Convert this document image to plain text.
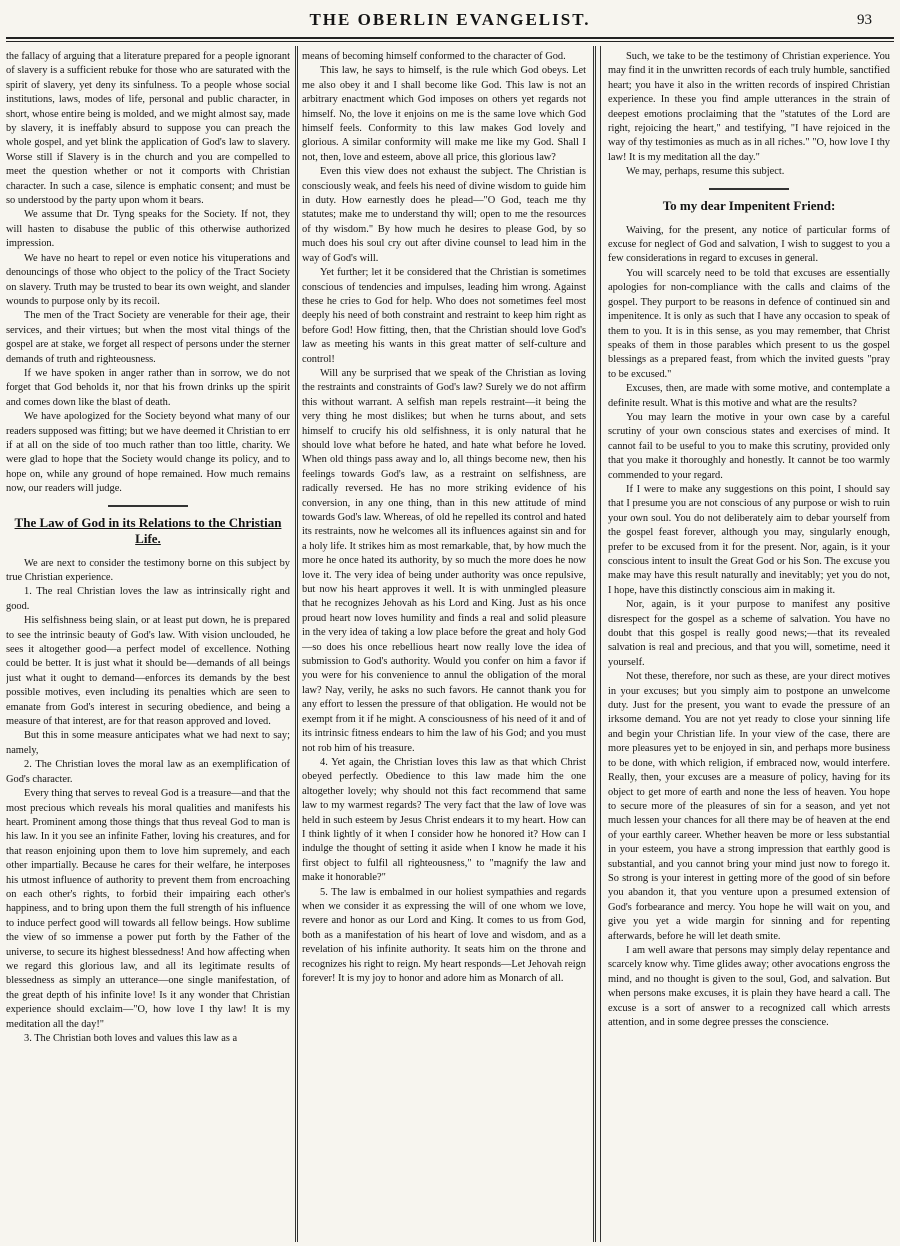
THE OBERLIN EVANGELIST.	93

the fallacy of arguing that a literature prepared for a people ignorant of slavery is a sufficient rebuke for those who are saturated with the spirit of slavery, yet deny its sinfulness. To a people whose social institutions, laws, modes of life, personal and public character, in short, whose entire being is molded, and we might almost say, made by slavery, it is ineffably absurd to suppose you can preach the whole gospel, and yet blink the application of God's law to slavery. Worse still if Slavery is in the church and you are compelled to meet the question whether or not it comports with Christian character. In such a case, silence is emphatic consent; and must be so understood by the party upon whom it bears.

We assume that Dr. Tyng speaks for the Society. If not, they will hasten to disabuse the public of this otherwise authorized impression.

We have no heart to repel or even notice his vituperations and denouncings of those who object to the policy of the Tract Society on slavery. Truth may be trusted to bear its own weight, and slander wounds to purpose only by its recoil.

The men of the Tract Society are venerable for their age, their services, and their virtues; but when the most vital things of the gospel are at stake, we forget all respect of persons under the sterner demands of truth and righteousness.

If we have spoken in anger rather than in sorrow, we do not forget that God beholds it, nor that his frown drinks up the spirit and comes down like the blast of death.

We have apologized for the Society beyond what many of our readers supposed was fitting; but we have deemed it Christian to err if at all on the side of too much rather than too little, charity. We were glad to hope that the Society would change its policy, and to hope on, while any ground of hope remained. How much remains now, our readers will judge.

The Law of God in its Relations to the Christian Life.

We are next to consider the testimony borne on this subject by true Christian experience.

1. The real Christian loves the law as intrinsically right and good.

His selfishness being slain, or at least put down, he is prepared to see the intrinsic beauty of God's law. With vision unclouded, he sees it altogether good—a perfect model of excellence. Nothing could be better. It is just what it should be—demands of all beings just what it ought to demand—enforces its demands by the best possible motives, even including its penalties which are seen to emanate from God's interest in securing obedience, and being a measure of that interest, are for that reason approved and loved.

But this in some measure anticipates what we had next to say; namely,

2. The Christian loves the moral law as an exemplification of God's character.

Every thing that serves to reveal God is a treasure—and that the most precious which reveals his moral qualities and manifests his heart. Prominent among those things that thus reveal God to man is his law. In it you see an infinite Father, loving his creatures, and for that reason enjoining upon them to love him supremely, and each other impartially. Because he cares for their welfare, he interposes his utmost influence of authority to prevent them from encroaching on each other's rights, to forbid their impairing each other's happiness, and to bring upon them the full strength of his influence to induce perfect good will towards all fellow beings. How sublime the view of so immense a power put forth by the Father of the universe, to secure its highest blessedness! And how affecting when we regard this glorious law, and all its legitimate results of blessedness as simply an utterance—one single manifestation, of the great depth of his infinite love! Is it any wonder that Christian experience should exclaim—"O, how love I thy law! It is my meditation all the day!"

3. The Christian both loves and values this law as a

means of becoming himself conformed to the character of God.

This law, he says to himself, is the rule which God obeys. Let me also obey it and I shall become like God. This law is not an arbitrary enactment which God imposes on others yet regards not himself. No, the love it enjoins on me is the same love which God himself feels. Conformity to this law makes God lovely and glorious. A similar conformity will make me like my God. Shall I not, then, love and esteem, above all price, this glorious law?

Even this view does not exhaust the subject. The Christian is consciously weak, and feels his need of divine wisdom to guide him in duty. How earnestly does he plead—"O God, teach me thy statutes; make me to understand thy will; open to me the resources of thy wisdom." By how much he desires to please God, by so much does his soul cry out after divine counsel to lead him in the way of God's will.

Yet further; let it be considered that the Christian is sometimes conscious of tendencies and impulses, leading him wrong. Against these he cries to God for help. Who does not sometimes feel most deeply his need of both constraint and restraint to keep him right as before God! How fitting, then, that the Christian should love God's law as meeting his wants in this great matter of self-culture and control!

Will any be surprised that we speak of the Christian as loving the restraints and constraints of God's law? Surely we do not affirm this without warrant. A selfish man repels restraint—it being the very thing he most dislikes; but when he turns about, and sets himself to crucify his old selfishness, it is only natural that he should love what before he hated, and hate what before he loved. When old things pass away and lo, all things become new, then his feelings towards God's law, as a restraint on selfishness, are radically reversed. He has no more striking evidence of his conversion, in any one thing, than in this new attitude of mind towards God's law. Whereas, of old he repelled its control and hated its restraints, now he welcomes all its influences against sin and for a holy life. It strikes him as most remarkable, that, by how much the more he once hated its authority, by so much the more does he now love it. The very idea of being under authority was once repulsive, but now his heart approves it well. It is with unmingled pleasure that he recognizes Jehovah as his Lord and King. Just as his once proud heart now loves humility and finds a real and solid pleasure in the very idea of taking a low place before the great and holy God—so does his once rebellious heart now really love the idea of submission to God's authority. Would you confer on him a favor if you were for his convenience to annul the obligation of the moral law? Nay, verily, he asks no such favors. He cannot thank you for any effort to lessen the pressure of that obligation. He would not be exempt from it if he might. A consciousness of his need of it and of its intrinsic fitness endears to him the law of his God; and you must not rob him of his treasure.

4. Yet again, the Christian loves this law as that which Christ obeyed perfectly. Obedience to this law made him the one altogether lovely; why should not this fact recommend that same law to my warmest regards? The very fact that the law of love was held in such esteem by Jesus Christ endears it to my heart. How can I think lightly of it when I consider how he honored it? How can I indulge the thought of setting it aside when I know he made it his first object to fulfil all righteousness," to "magnify the law and make it honorable?"

5. The law is embalmed in our holiest sympathies and regards when we consider it as expressing the will of one whom we love, revere and honor as our Lord and King. It comes to us from God, both as a manifestation of his heart of love and wisdom, and as a revelation of his infinite authority. It seats him on the throne and recognizes his right to reign. My heart responds—Let Jehovah reign forever! It is my joy to honor and adore him as Monarch of all.

Such, we take to be the testimony of Christian experience. You may find it in the unwritten records of each truly humble, sanctified heart; you have it also in the written records of inspired Christian experience. In these you find ample utterances in the strain of deepest emotions proclaiming that the "statutes of the Lord are right, rejoicing the heart," and testifying, "I have rejoiced in the way of thy testimonies as much as in all riches." "O, how love I thy law! It is my meditation all the day."

We may, perhaps, resume this subject.

To my dear Impenitent Friend:

Waiving, for the present, any notice of particular forms of excuse for neglect of God and salvation, I wish to suggest to you a few considerations in regard to excuses in general.

You will scarcely need to be told that excuses are essentially apologies for non-compliance with the calls and claims of the gospel. They purport to be reasons in defence of continued sin and impenitence. It is only as such that I have any occasion to speak of them to you. It is in this sense, as you may remember, that Christ speaks of them in those parables which present to us the gospel blessings as a prepared feast, from which the invited guests "pray to be excused."

Excuses, then, are made with some motive, and contemplate a definite result. What is this motive and what are the results?

You may learn the motive in your own case by a careful scrutiny of your own conscious states and exercises of mind. It cannot fail to be useful to you to make this scrutiny, provided only that you make it thoroughly and honestly. It cannot be too warmly commended to your regard.

If I were to make any suggestions on this point, I should say that I presume you are not conscious of any purpose or wish to ruin your own soul. You do not deliberately aim to debar yourself from the gospel feast forever, although you may, singularly enough, prefer to be excused from it for the present. Nor, again, is it your conscious intent to insult the Great God or his Son. The excuse you make may have this result naturally and inevitably; yet you do not, I hope, have this distinctly conscious aim in making it.

Nor, again, is it your purpose to manifest any positive disrespect for the gospel as a scheme of salvation. You have no doubt that this gospel is really good news;—that its revealed salvation is real and precious, and that you will, sometime, need it yourself.

Not these, therefore, nor such as these, are your direct motives in your excuses; but you simply aim to postpone an unwelcome duty. Just for the present, you want to evade the pressure of an irksome demand. You are not yet ready to close your sinning life and begin your Christian life. In your view of the case, there are more pleasures yet to be enjoyed in sin, and perhaps more business to be done, with which religion, if embraced now, would interfere. Really, then, your excuses are a measure of policy, having for its object to get more of earth and none the less of heaven. You hope to secure more of the pleasures of sin for a season, and yet not much lessen your chances for all there may be of heaven at the end of your earthly career. Whether heaven be more or less substantial in your esteem, you have a strong impression that earthly good is substantial, and you cannot bring your mind just now to forego it. So strong is your interest in getting more of the good of sin before you abandon it, that you venture upon a presumed extension of God's forbearance and mercy. You hope he will wait on you, and give you yet a wide margin for sinning and for repenting afterwards, before he will let death smite.

I am well aware that persons may simply delay repentance and scarcely know why. Time glides away; other avocations engross the mind, and no thought is given to the soul, God, and salvation. But when persons make excuses, it is plain they have heard a call. The excuse is a sort of answer to a recognized call which arrests attention, and in some degree presses the conscience.
